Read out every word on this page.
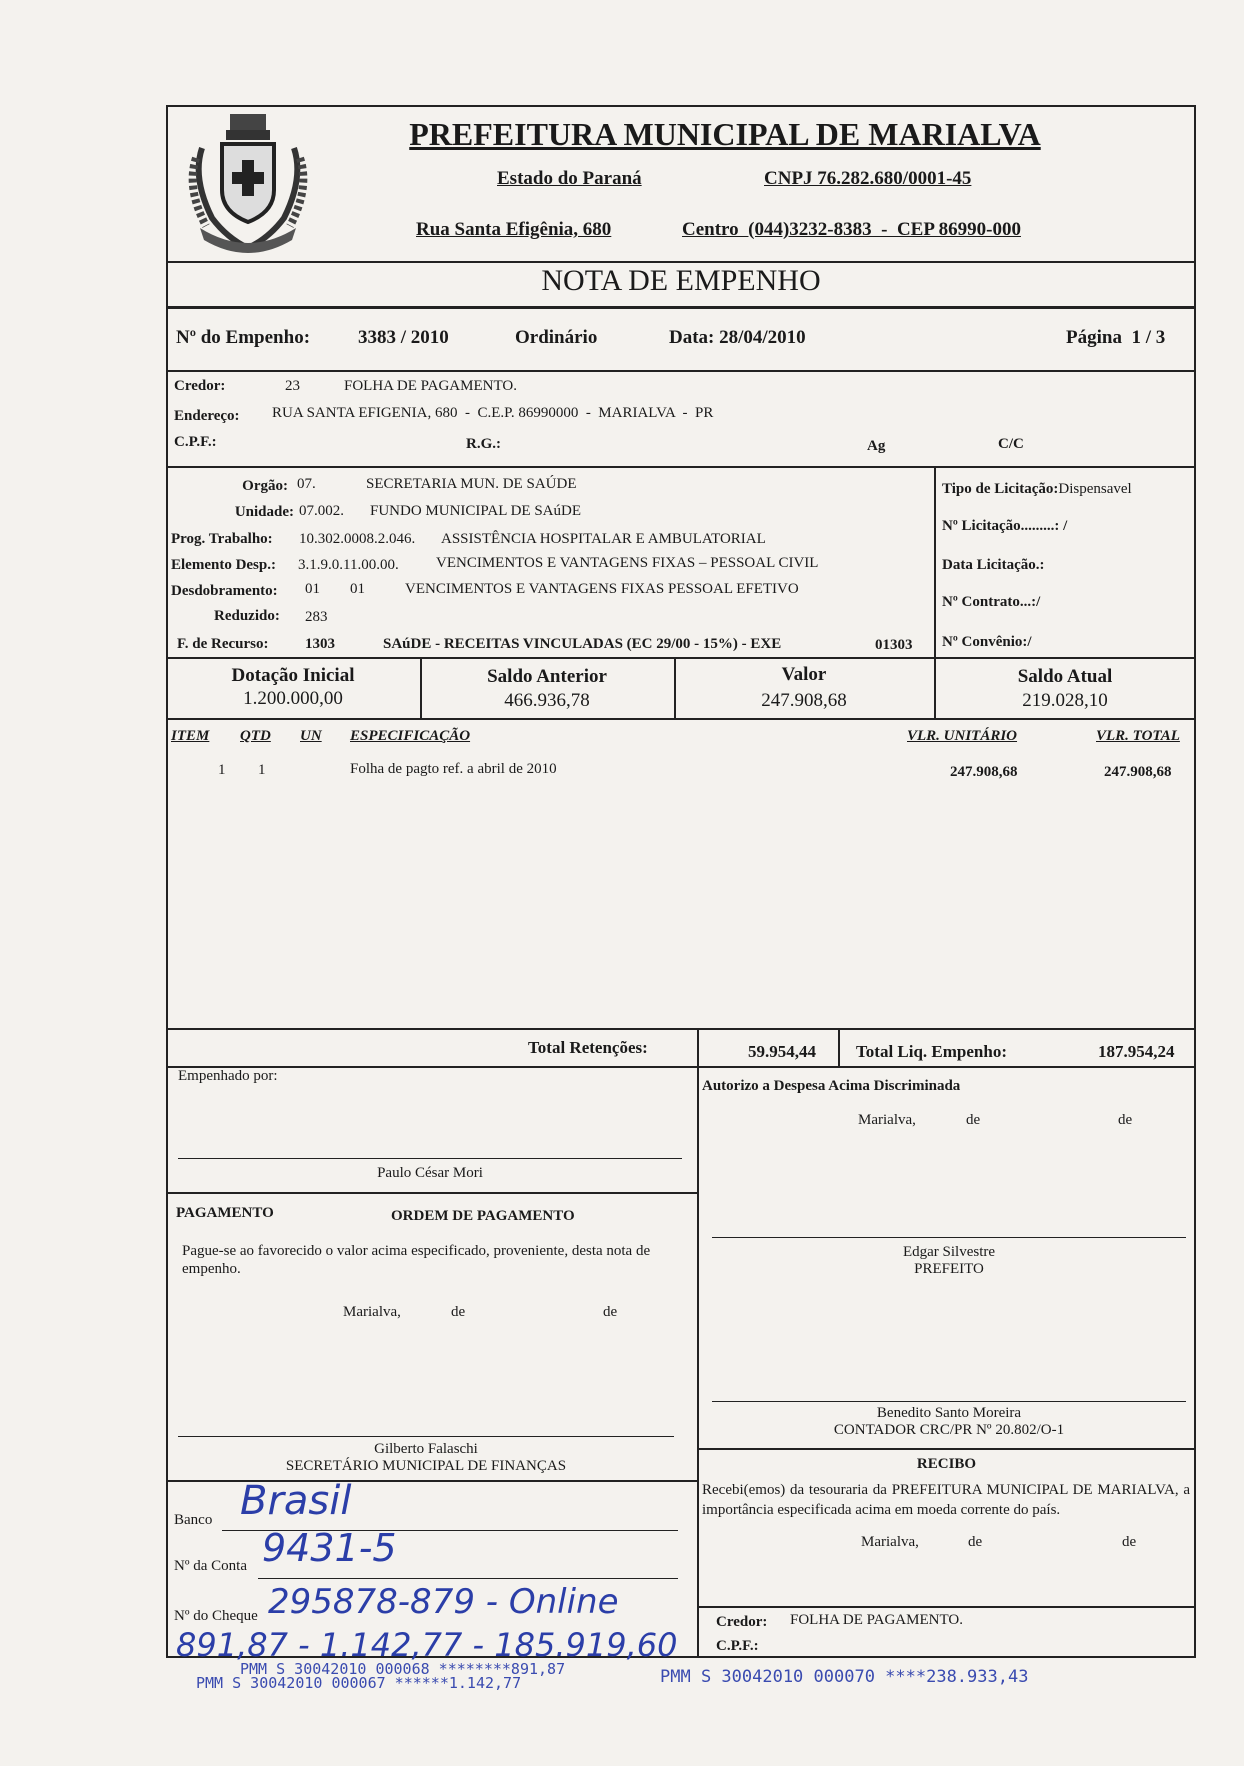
PREFEITURA MUNICIPAL DE MARIALVA
Estado do Paraná	CNPJ 76.282.680/0001-45
Rua Santa Efigênia, 680	Centro  (044)3232-8383  -  CEP 86990-000
NOTA DE EMPENHO
Nº do Empenho:	3383 / 2010	Ordinário	Data: 28/04/2010	Página  1 / 3
Credor:	23	FOLHA DE PAGAMENTO.
Endereço: RUA SANTA EFIGENIA, 680  -  C.E.P. 86990000  -  MARIALVA  -  PR
C.P.F.:	R.G.:	Ag	C/C
Orgão: 07.	SECRETARIA MUN. DE SAÚDE
Unidade: 07.002. FUNDO MUNICIPAL DE SAúDE
Prog. Trabalho: 10.302.0008.2.046. ASSISTÊNCIA HOSPITALAR E AMBULATORIAL
Elemento Desp.: 3.1.9.0.11.00.00. VENCIMENTOS E VANTAGENS FIXAS – PESSOAL CIVIL
Desdobramento: 01 01	VENCIMENTOS E VANTAGENS FIXAS PESSOAL EFETIVO
Reduzido: 283
F. de Recurso: 1303	SAúDE - RECEITAS VINCULADAS (EC 29/00 - 15%) - EXE	01303
Tipo de Licitação:Dispensavel
Nº Licitação.........: /
Data Licitação.:
Nº Contrato...:/
Nº Convênio:/
Dotação Inicial
1.200.000,00
Saldo Anterior
466.936,78
Valor
247.908,68
Saldo Atual
219.028,10
ITEM QTD UN ESPECIFICAÇÃO	VLR. UNITÁRIO	VLR. TOTAL
1 1	Folha de pagto ref. a abril de 2010	247.908,68	247.908,68
Total Retenções:	59.954,44 Total Liq. Empenho:	187.954,24
Empenhado por:
Paulo César Mori
Autorizo a Despesa Acima Discriminada
Marialva,	de	de
Edgar Silvestre
PREFEITO
PAGAMENTO	ORDEM DE PAGAMENTO
Pague-se ao favorecido o valor acima especificado, proveniente, desta nota de empenho.
Marialva,	de	de
Gilberto Falaschi
SECRETÁRIO MUNICIPAL DE FINANÇAS
Benedito Santo Moreira
CONTADOR CRC/PR Nº 20.802/O-1
RECIBO
Recebi(emos) da tesouraria da PREFEITURA MUNICIPAL DE MARIALVA, a importância especificada acima em moeda corrente do país.
Marialva,	de	de
Credor: FOLHA DE PAGAMENTO.
C.P.F.:
Banco Brasil
Nº da Conta 9431-5
Nº do Cheque 295878-879 - Online
891,87 - 1.142,77 - 185.919,60
PMM S 30042010 000068 ********891,87
PMM S 30042010 000067 ******1.142,77	PMM S 30042010 000070 ****238.933,43
